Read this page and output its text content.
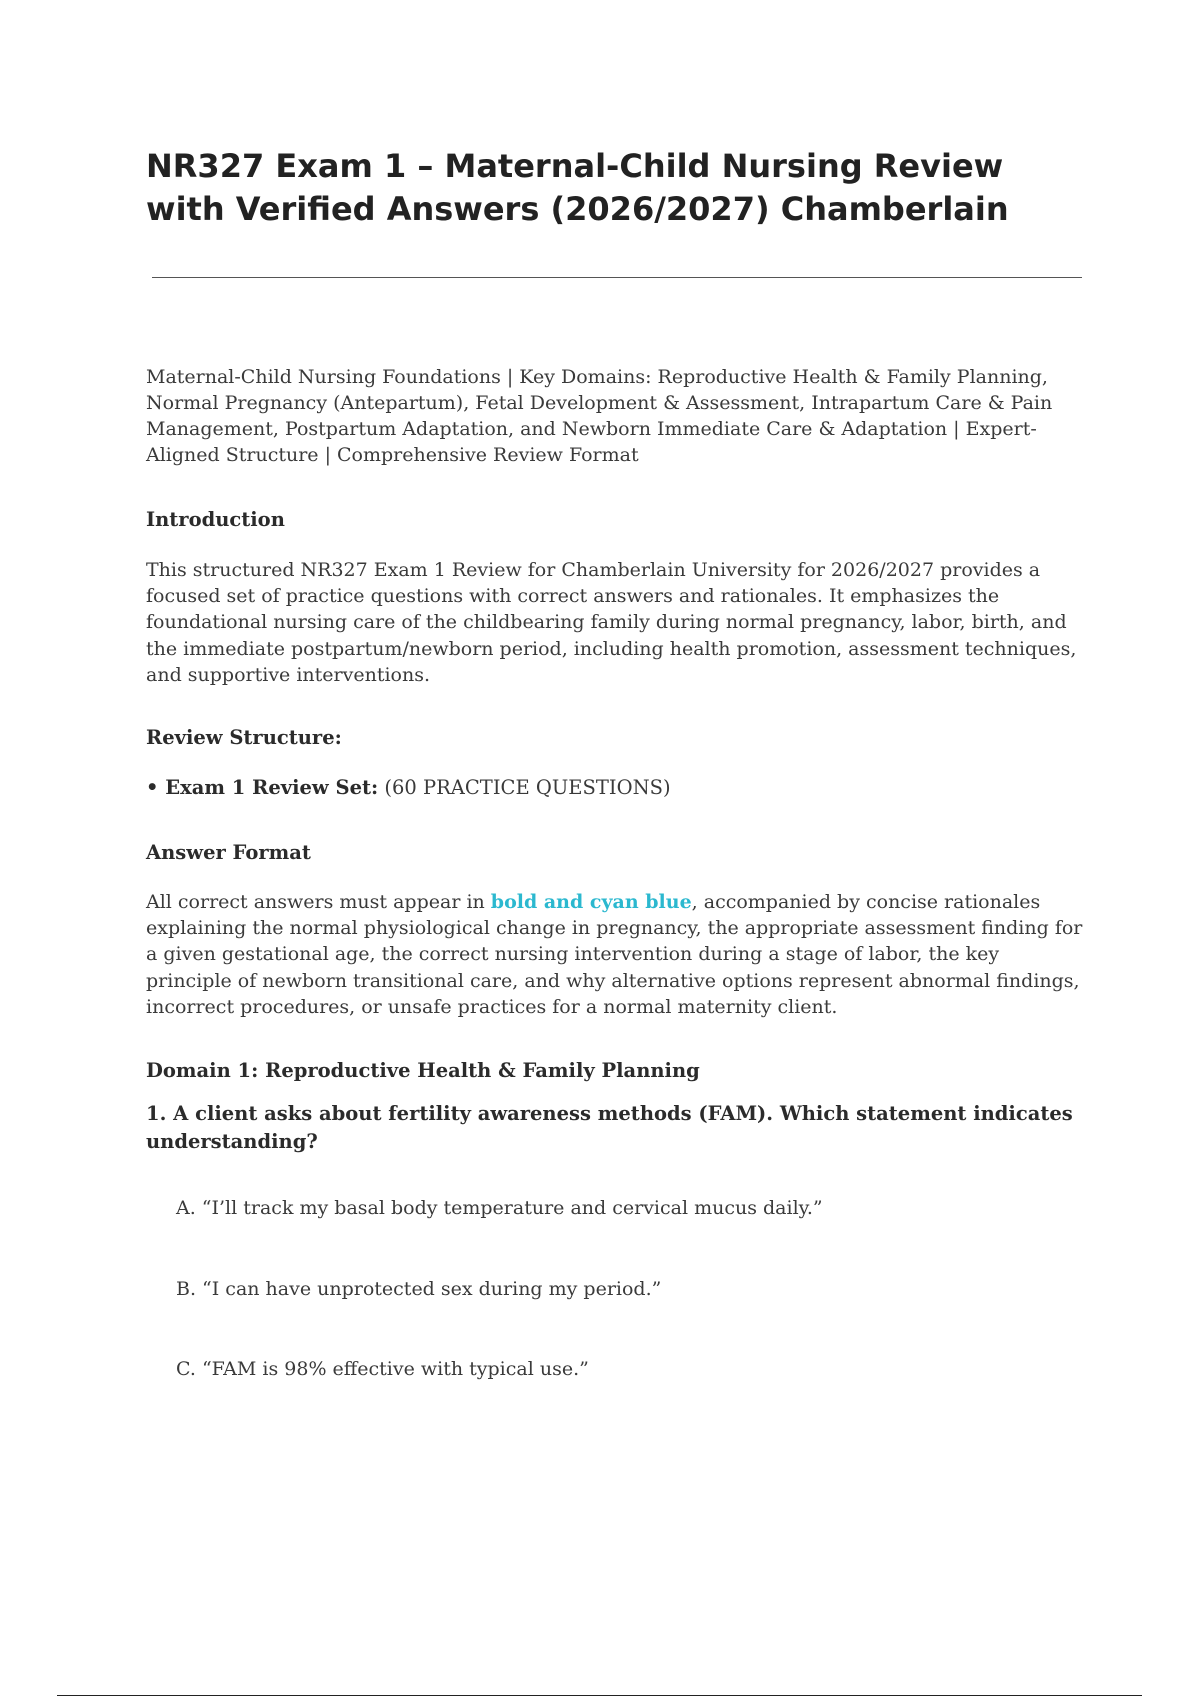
NR327 Exam 1 – Maternal-Child Nursing Review with Verified Answers (2026/2027) Chamberlain

Maternal-Child Nursing Foundations | Key Domains: Reproductive Health & Family Planning, Normal Pregnancy (Antepartum), Fetal Development & Assessment, Intrapartum Care & Pain Management, Postpartum Adaptation, and Newborn Immediate Care & Adaptation | Expert-Aligned Structure | Comprehensive Review Format

Introduction

This structured NR327 Exam 1 Review for Chamberlain University for 2026/2027 provides a focused set of practice questions with correct answers and rationales. It emphasizes the foundational nursing care of the childbearing family during normal pregnancy, labor, birth, and the immediate postpartum/newborn period, including health promotion, assessment techniques, and supportive interventions.

Review Structure:

• Exam 1 Review Set: (60 PRACTICE QUESTIONS)

Answer Format

All correct answers must appear in bold and cyan blue, accompanied by concise rationales explaining the normal physiological change in pregnancy, the appropriate assessment finding for a given gestational age, the correct nursing intervention during a stage of labor, the key principle of newborn transitional care, and why alternative options represent abnormal findings, incorrect procedures, or unsafe practices for a normal maternity client.

Domain 1: Reproductive Health & Family Planning

1. A client asks about fertility awareness methods (FAM). Which statement indicates understanding?

A. “I’ll track my basal body temperature and cervical mucus daily.”

B. “I can have unprotected sex during my period.”

C. “FAM is 98% effective with typical use.”
